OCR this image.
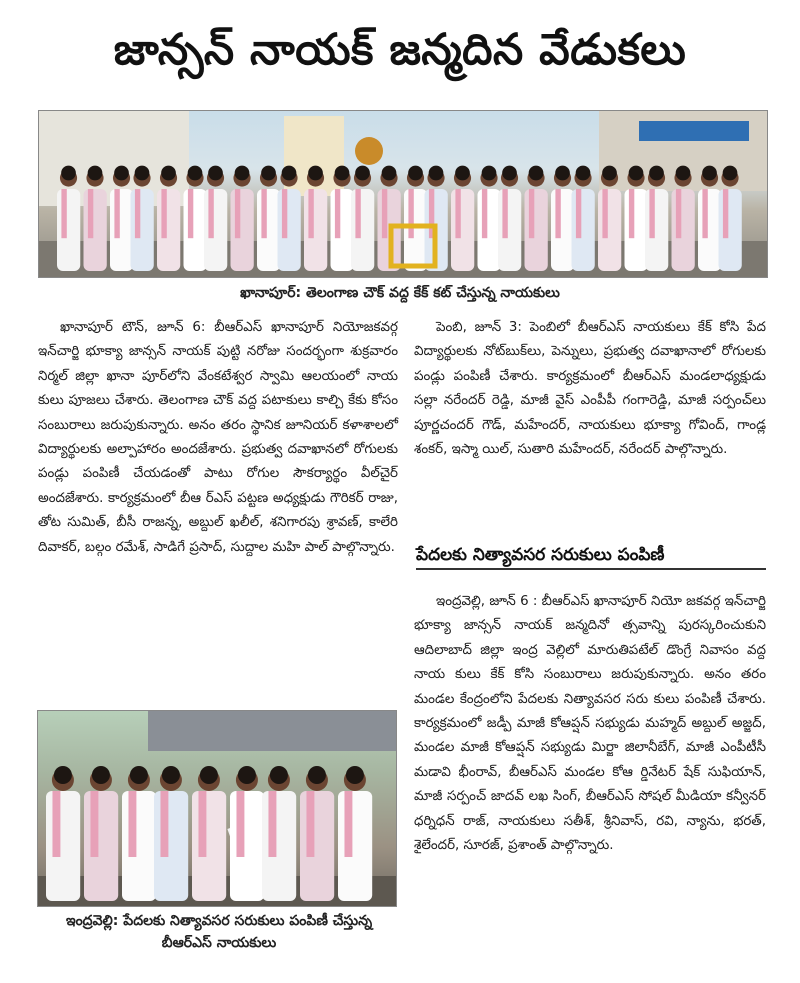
జాన్సన్ నాయక్ జన్మదిన వేడుకలు
ఖానాపూర్: తెలంగాణ చౌక్ వద్ద కేక్ కట్ చేస్తున్న నాయకులు

ఖానాపూర్ టౌన్, జూన్ 6: బీఆర్ఎస్ ఖానాపూర్ నియోజకవర్గ ఇన్‌చార్జి భూక్యా జాన్సన్ నాయక్ పుట్టి నరోజు సందర్భంగా శుక్రవారం నిర్మల్ జిల్లా ఖానా పూర్‌లోని వేంకటేశ్వర స్వామి ఆలయంలో నాయ కులు పూజలు చేశారు. తెలంగాణ చౌక్ వద్ద పటాకులు కాల్చి కేకు కోసం సంబురాలు జరుపుకున్నారు. అనం తరం స్థానిక జూనియర్ కళాశాలలో విద్యార్థులకు అల్పాహారం అందజేశారు. ప్రభుత్వ దవాఖానలో రోగులకు పండ్లు పంపిణీ చేయడంతో పాటు రోగుల సౌకర్యార్థం వీల్‌చైర్ అందజేశారు. కార్యక్రమంలో బీఆ ర్ఎస్ పట్టణ అధ్యక్షుడు గౌరికర్ రాజు, తోట సుమిత్, బీసీ రాజన్న, అబ్దుల్ ఖలీల్, శనిగారపు శ్రావణ్, కాలేరి దివాకర్, బల్గం రమేశ్, సాడిగే ప్రసాద్, సుద్దాల మహి పాల్ పాల్గొన్నారు.

పెంబి, జూన్ 3: పెంబిలో బీఆర్ఎస్ నాయకులు కేక్ కోసి పేద విద్యార్థులకు నోట్‌బుక్‌లు, పెన్నులు, ప్రభుత్వ దవాఖానాలో రోగులకు పండ్లు పంపిణీ చేశారు. కార్యక్రమంలో బీఆర్ఎస్ మండలాధ్యక్షుడు సల్లా నరేందర్ రెడ్డి, మాజీ వైస్ ఎంపీపీ గంగారెడ్డి, మాజీ సర్పంచ్‌లు పూర్ణచందర్ గౌడ్, మహేందర్, నాయకులు భూక్యా గోవింద్, గాండ్ల శంకర్, ఇస్మా యిల్, సుతారి మహేందర్, నరేందర్ పాల్గొన్నారు.

పేదలకు నిత్యావసర సరుకులు పంపిణీ

ఇంద్రవెల్లి, జూన్ 6 : బీఆర్ఎస్ ఖానాపూర్ నియో జకవర్గ ఇన్‌చార్జి భూక్యా జాన్సన్ నాయక్ జన్మదినో త్సవాన్ని పురస్కరించుకుని ఆదిలాబాద్ జిల్లా ఇంద్ర వెల్లిలో మారుతిపటేల్ డొంగ్రే నివాసం వద్ద నాయ కులు కేక్ కోసి సంబురాలు జరుపుకున్నారు. అనం తరం మండల కేంద్రంలోని పేదలకు నిత్యావసర సరు కులు పంపిణీ చేశారు. కార్యక్రమంలో జడ్పీ మాజీ కోఆప్షన్ సభ్యుడు మహ్మద్ అబ్దుల్ అజ్జద్, మండల మాజీ కోఆప్షన్ సభ్యుడు మిర్జా జిలానీబేగ్, మాజీ ఎంపీటీసీ మడావి భీంరావ్, బీఆర్ఎస్ మండల కోఆ ర్డినేటర్ షేక్ సుఫియాన్, మాజీ సర్పంచ్ జాదవ్ లఖ సింగ్, బీఆర్ఎస్ సోషల్ మీడియా కన్వీనర్ ధర్నిధన్ రాజ్, నాయకులు సతీశ్, శ్రీనివాస్, రవి, న్యాను, భరత్, శైలేందర్, సూరజ్, ప్రశాంత్ పాల్గొన్నారు.

ఇంద్రవెల్లి: పేదలకు నిత్యావసర సరుకులు పంపిణీ చేస్తున్న బీఆర్ఎస్ నాయకులు
